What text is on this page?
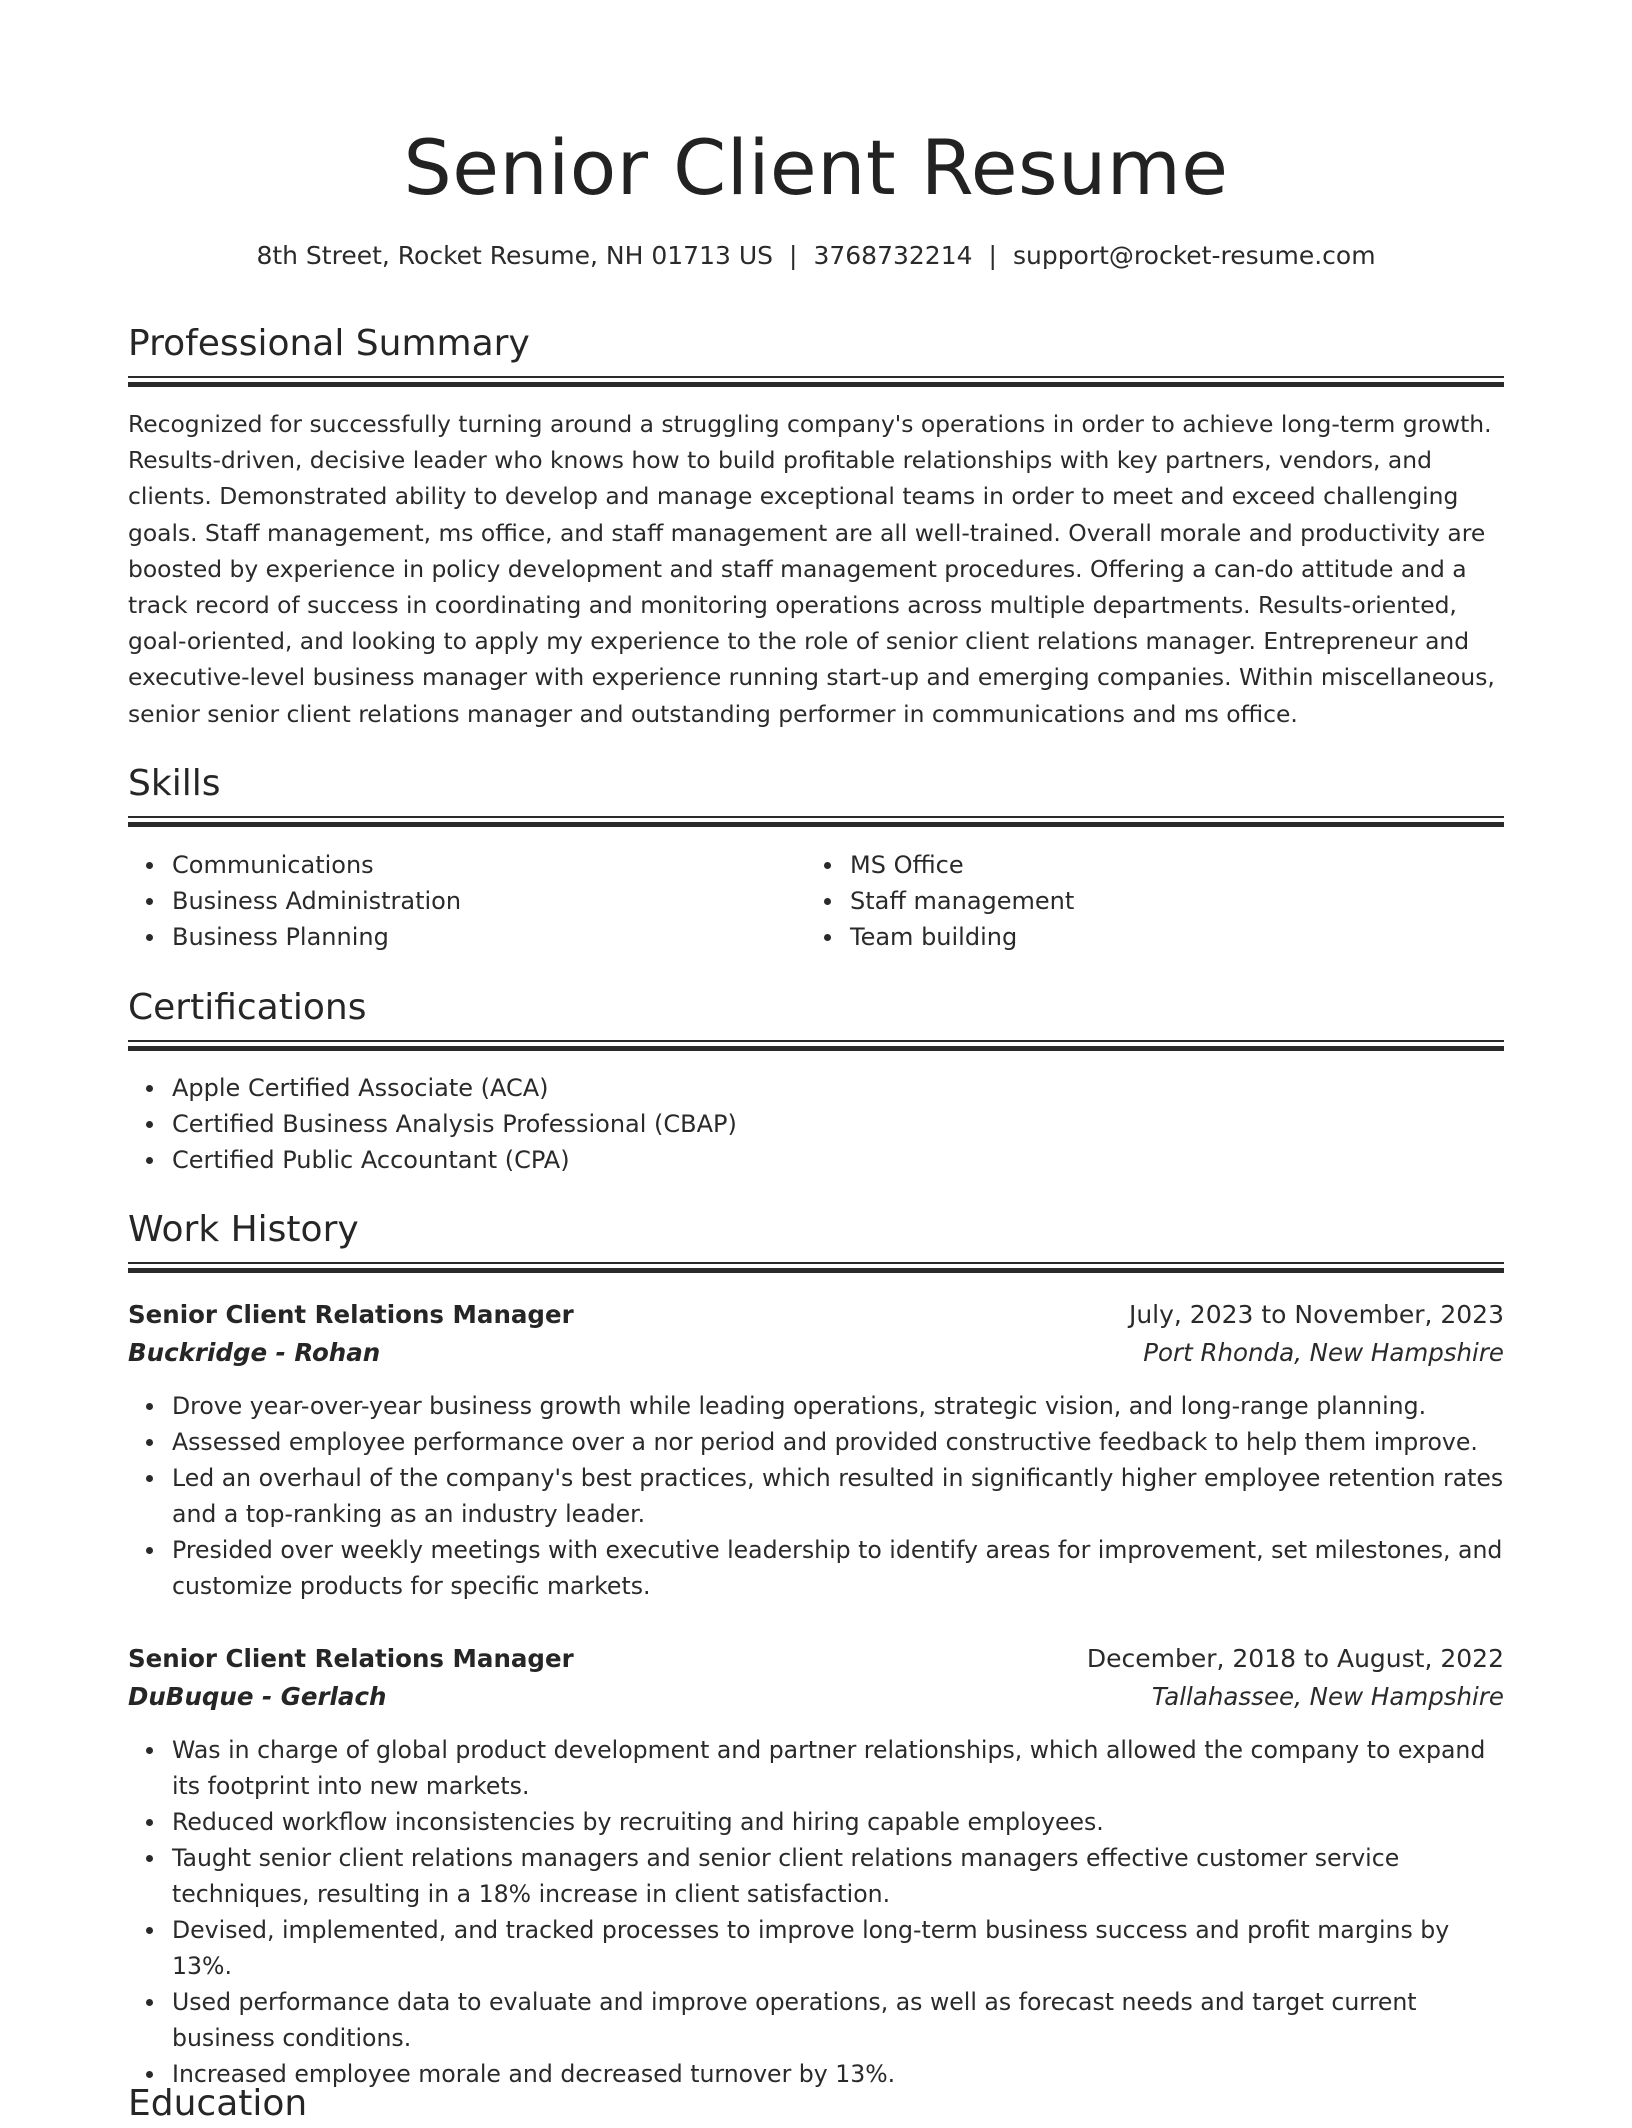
Senior Client Resume
8th Street, Rocket Resume, NH 01713 US | 3768732214 | support@rocket-resume.com
Professional Summary

Recognized for successfully turning around a struggling company's operations in order to achieve long-term growth. Results-driven, decisive leader who knows how to build profitable relationships with key partners, vendors, and clients. Demonstrated ability to develop and manage exceptional teams in order to meet and exceed challenging goals. Staff management, ms office, and staff management are all well-trained. Overall morale and productivity are boosted by experience in policy development and staff management procedures. Offering a can-do attitude and a track record of success in coordinating and monitoring operations across multiple departments. Results-oriented, goal-oriented, and looking to apply my experience to the role of senior client relations manager. Entrepreneur and executive-level business manager with experience running start-up and emerging companies. Within miscellaneous, senior senior client relations manager and outstanding performer in communications and ms office.

Skills
Communications
Business Administration
Business Planning
MS Office
Staff management
Team building
Certifications
Apple Certified Associate (ACA)
Certified Business Analysis Professional (CBAP)
Certified Public Accountant (CPA)
Work History
Senior Client Relations Manager	July, 2023 to November, 2023
Buckridge - Rohan	Port Rhonda, New Hampshire
Drove year-over-year business growth while leading operations, strategic vision, and long-range planning.
Assessed employee performance over a nor period and provided constructive feedback to help them improve.
Led an overhaul of the company's best practices, which resulted in significantly higher employee retention rates and a top-ranking as an industry leader.
Presided over weekly meetings with executive leadership to identify areas for improvement, set milestones, and customize products for specific markets.
Senior Client Relations Manager	December, 2018 to August, 2022
DuBuque - Gerlach	Tallahassee, New Hampshire
Was in charge of global product development and partner relationships, which allowed the company to expand its footprint into new markets.
Reduced workflow inconsistencies by recruiting and hiring capable employees.
Taught senior client relations managers and senior client relations managers effective customer service techniques, resulting in a 18% increase in client satisfaction.
Devised, implemented, and tracked processes to improve long-term business success and profit margins by 13%.
Used performance data to evaluate and improve operations, as well as forecast needs and target current business conditions.
Increased employee morale and decreased turnover by 13%.
Education
